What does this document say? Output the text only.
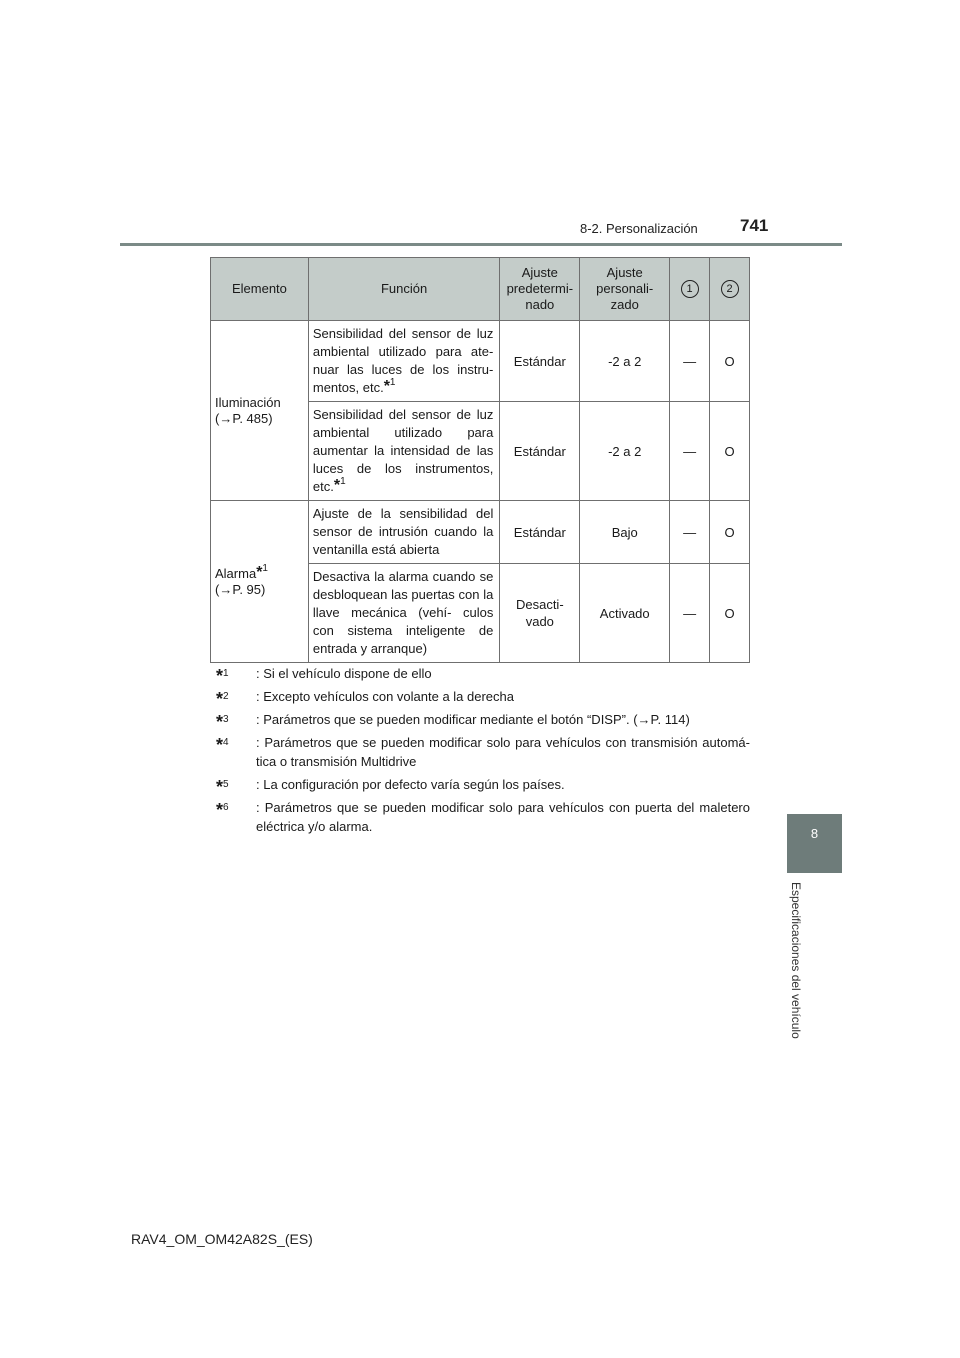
8-2. Personalización 741
8
Especificaciones del vehículo
Elemento	Función	Ajuste predetermi- nado	Ajuste personali- zado	1	2

Iluminación
(→P. 485)	Sensibilidad del sensor de luz ambiental utilizado para ate- nuar las luces de los instru- mentos, etc.$^{*^1}$	Estándar	-2 a 2	—	O
	Sensibilidad del sensor de luz ambiental utilizado para aumentar la intensidad de las luces de los instrumentos, etc.$^{*^1}$	Estándar	-2 a 2	—	O

Alarma$^{*^1}$
(→P. 95)	Ajuste de la sensibilidad del sensor de intrusión cuando la ventanilla está abierta	Estándar	Bajo	—	O
	Desactiva la alarma cuando se desbloquean las puertas con la llave mecánica (vehí- culos con sistema inteligente de entrada y arranque)	Desacti- vado	Activado	—	O
*$^1$ : Si el vehículo dispone de ello
*$^2$ : Excepto vehículos con volante a la derecha
*$^3$ : Parámetros que se pueden modificar mediante el botón “DISP”. (→P. 114)
*$^4$ : Parámetros que se pueden modificar solo para vehículos con transmisión automá- tica o transmisión Multidrive
*$^5$ : La configuración por defecto varía según los países.
*$^6$ : Parámetros que se pueden modificar solo para vehículos con puerta del maletero eléctrica y/o alarma.
RAV4_OM_OM42A82S_(ES)
